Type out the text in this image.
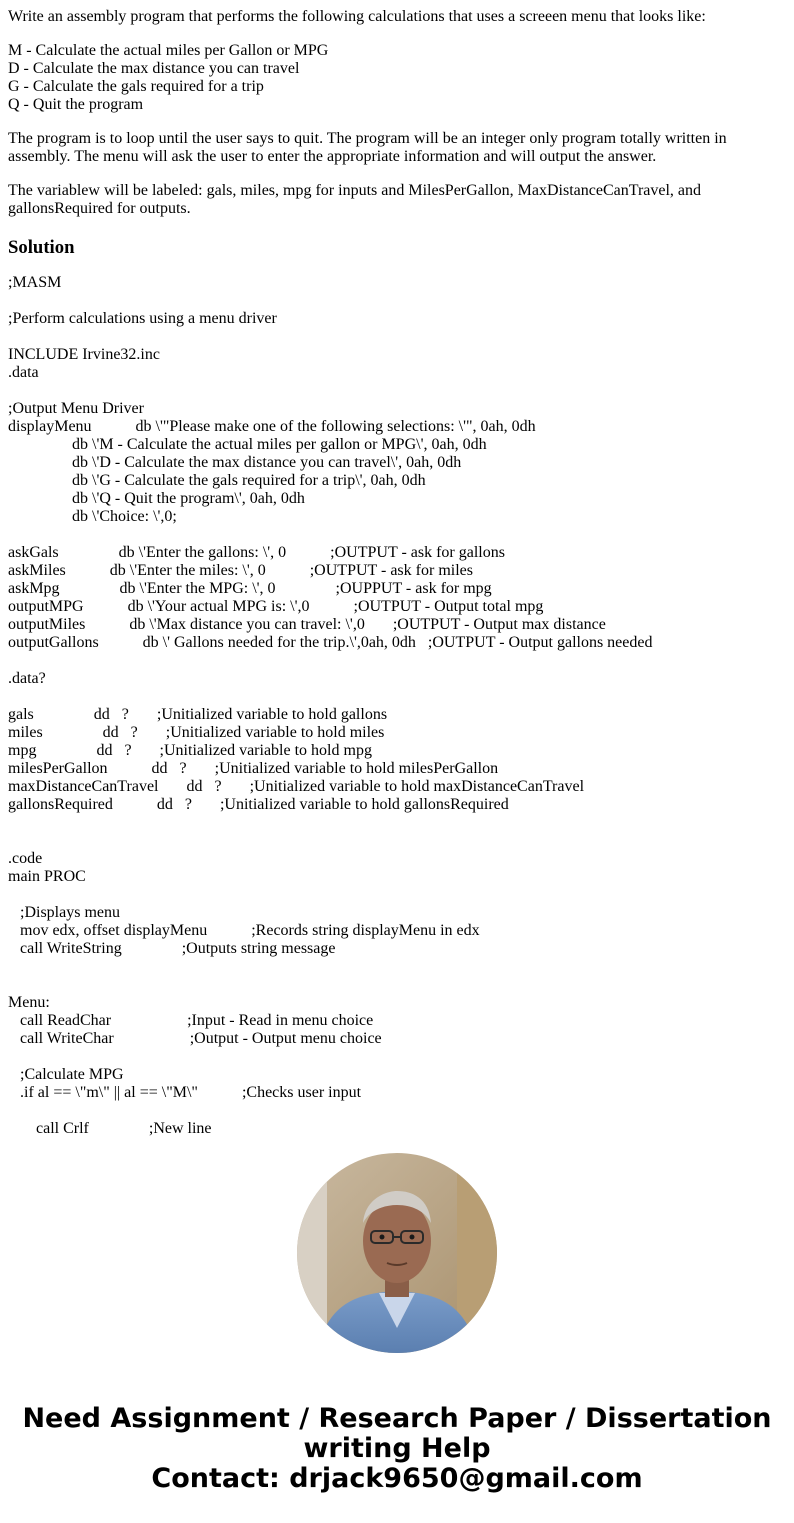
Write an assembly program that performs the following calculations that uses a screeen menu that looks like:

M - Calculate the actual miles per Gallon or MPG
D - Calculate the max distance you can travel
G - Calculate the gals required for a trip
Q - Quit the program

The program is to loop until the user says to quit. The program will be an integer only program totally written in assembly. The menu will ask the user to enter the appropriate information and will output the answer.

The variablew will be labeled: gals, miles, mpg for inputs and MilesPerGallon, MaxDistanceCanTravel, and gallonsRequired for outputs.

Solution
;MASM
;Perform calculations using a menu driver
INCLUDE Irvine32.inc
.data
;Output Menu Driver
displayMenu           db \'"Please make one of the following selections: \'", 0ah, 0dh
db \'M - Calculate the actual miles per gallon or MPG\', 0ah, 0dh
db \'D - Calculate the max distance you can travel\', 0ah, 0dh
db \'G - Calculate the gals required for a trip\', 0ah, 0dh
db \'Q - Quit the program\', 0ah, 0dh
db \'Choice: \',0;
askGals               db \'Enter the gallons: \', 0           ;OUTPUT - ask for gallons
askMiles           db \'Enter the miles: \', 0           ;OUTPUT - ask for miles
askMpg               db \'Enter the MPG: \', 0               ;OUPPUT - ask for mpg
outputMPG           db \'Your actual MPG is: \',0           ;OUTPUT - Output total mpg
outputMiles           db \'Max distance you can travel: \',0       ;OUTPUT - Output max distance
outputGallons           db \' Gallons needed for the trip.\',0ah, 0dh   ;OUTPUT - Output gallons needed
.data?
gals               dd   ?       ;Unitialized variable to hold gallons
miles               dd   ?       ;Unitialized variable to hold miles
mpg               dd   ?       ;Unitialized variable to hold mpg
milesPerGallon           dd   ?       ;Unitialized variable to hold milesPerGallon
maxDistanceCanTravel       dd   ?       ;Unitialized variable to hold maxDistanceCanTravel
gallonsRequired           dd   ?       ;Unitialized variable to hold gallonsRequired
.code
main PROC
;Displays menu
mov edx, offset displayMenu           ;Records string displayMenu in edx
call WriteString               ;Outputs string message
Menu:
call ReadChar                   ;Input - Read in menu choice
call WriteChar                   ;Output - Output menu choice
;Calculate MPG
.if al == \"m\" || al == \"M\"           ;Checks user input
call Crlf               ;New line
Need Assignment / Research Paper / Dissertation
writing Help
Contact: drjack9650@gmail.com
